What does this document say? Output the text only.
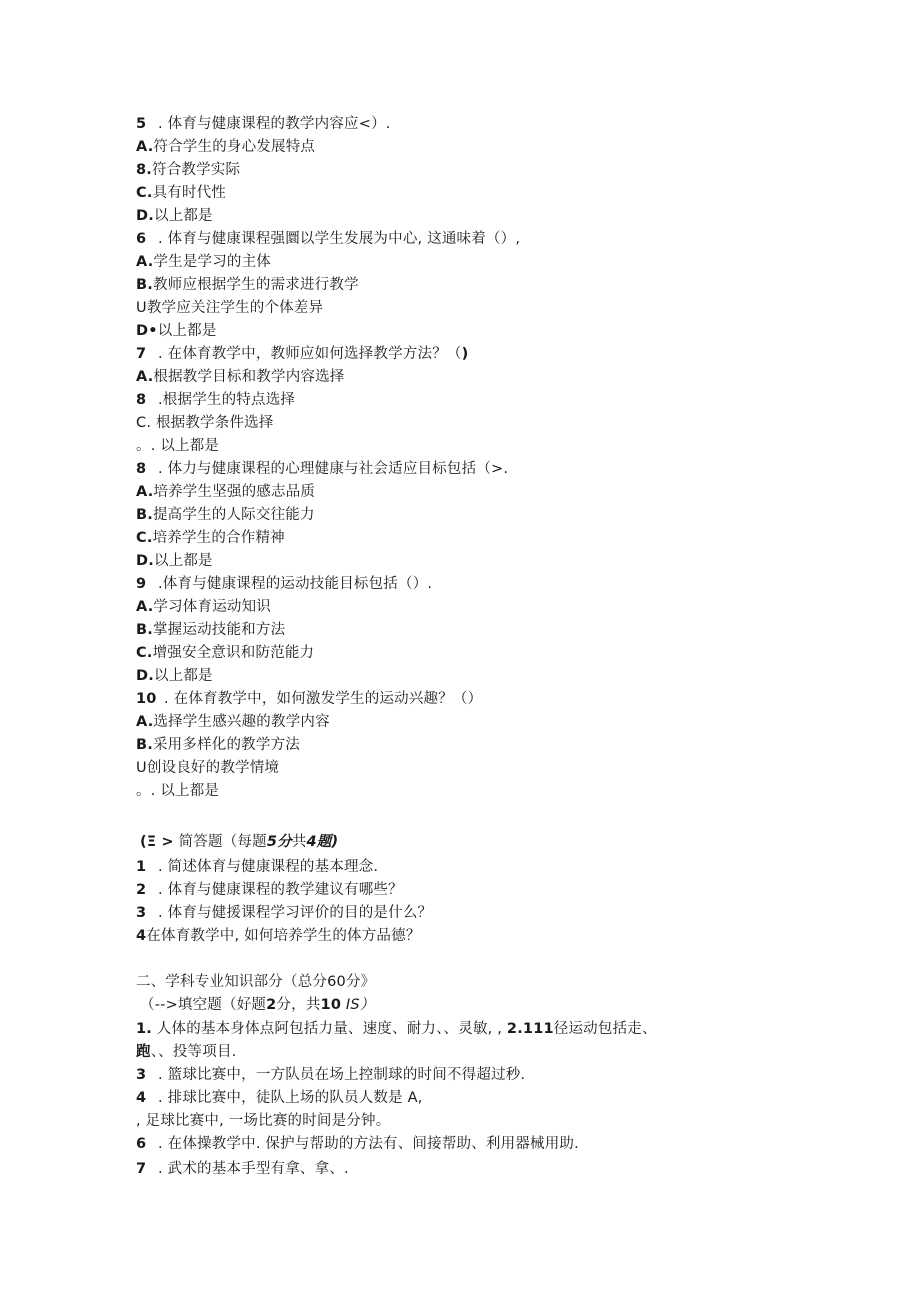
5 . 体育与健康课程的教学内容应<）.
A.符合学生的身心发展特点
8.符合教学实际
C.具有时代性
D.以上都是
6 . 体育与健康课程强圜以学生发展为中心, 这通味着（）,
A.学生是学习的主体
B.教师应根据学生的需求进行教学
U教学应关注学生的个体差异
D•以上都是
7 . 在体育教学中，教师应如何选择教学方法？（)
A.根据教学目标和教学内容选择
8 .根据学生的特点选择
C. 根据教学条件选择
。. 以上都是
8 . 体力与健康课程的心理健康与社会适应目标包括（>.
A.培养学生坚强的感志品质
B.提高学生的人际交往能力
C.培养学生的合作精神
D.以上都是
9 .体育与健康课程的运动技能目标包括（）.
A.学习体育运动知识
B.掌握运动技能和方法
C.增强安全意识和防范能力
D.以上都是
10 . 在体育教学中，如何激发学生的运动兴趣？（）
A.选择学生感兴趣的教学内容
B.采用多样化的教学方法
U创设良好的教学情境
。. 以上都是
(Ξ > 简答题（每题5分共4题)
1 . 简述体育与健康课程的基本理念.
2 . 体育与健康课程的教学建议有哪些？
3 . 体育与健援课程学习评价的目的是什么？
4在体育教学中, 如何培养学生的体方品德？
二、学科专业知识部分（总分60分》
（-->填空题（好题2分，共10 IS）
1. 人体的基本身体点阿包括力量、速度、耐力、、灵敏, , 2.111径运动包括走、
跑、、投等项目.
3 . 篮球比赛中，一方队员在场上控制球的时间不得超过秒.
4 . 排球比赛中，徒队上场的队员人数是 A,
, 足球比赛中, 一场比赛的时间是分钟。
6 . 在体操教学中. 保护与帮助的方法有、间接帮助、利用器械用助.
7 . 武术的基本手型有拿、拿、.
